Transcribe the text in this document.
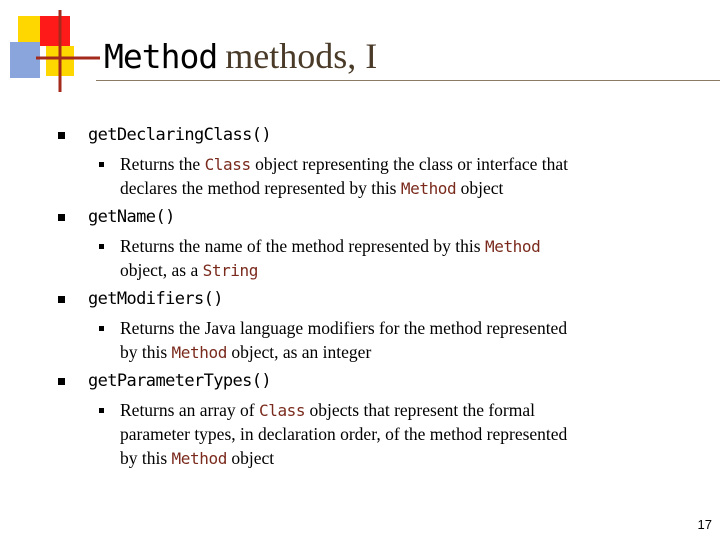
Method methods, I
getDeclaringClass()
Returns the Class object representing the class or interface that
declares the method represented by this Method object
getName()
Returns the name of the method represented by this Method
object, as a String
getModifiers()
Returns the Java language modifiers for the method represented
by this Method object, as an integer
getParameterTypes()
Returns an array of Class objects that represent the formal
parameter types, in declaration order, of the method represented
by this Method object
17
